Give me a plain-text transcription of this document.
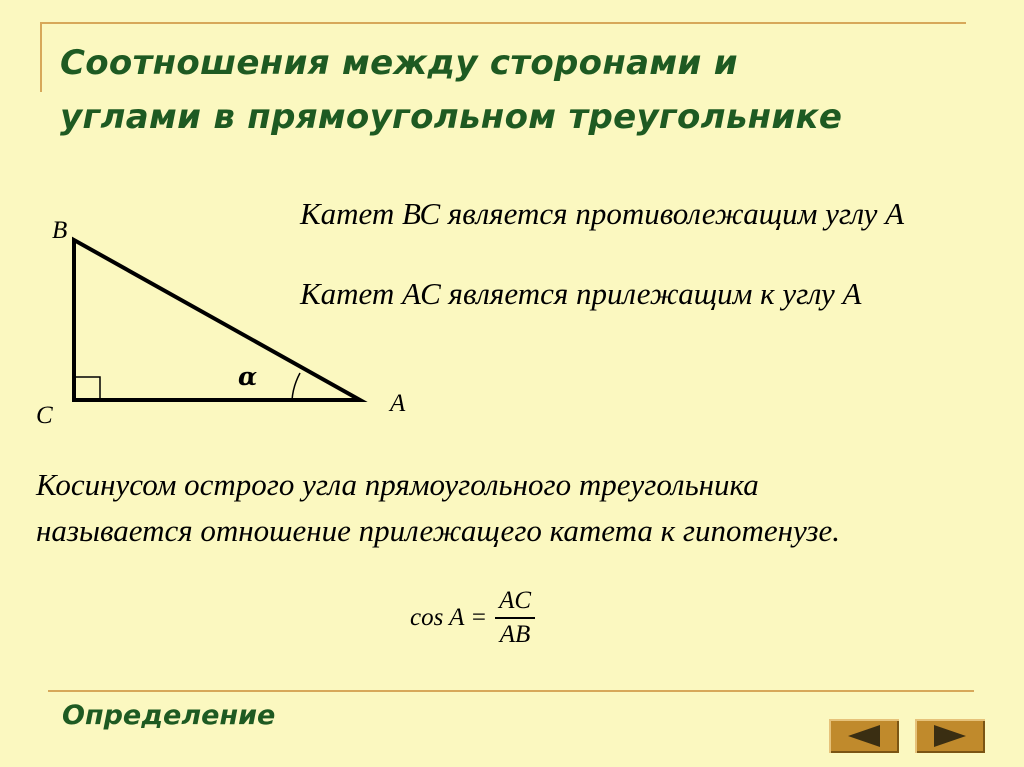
Соотношения между сторонами и
углами в прямоугольном треугольнике

Катет ВС является противолежащим углу А

Катет АС является прилежащим к углу А

В
С	А
α

Косинусом острого угла прямоугольного треугольника
называется отношение прилежащего катета к гипотенузе.

$\cos A = \frac{AC}{AB}$
Определение
